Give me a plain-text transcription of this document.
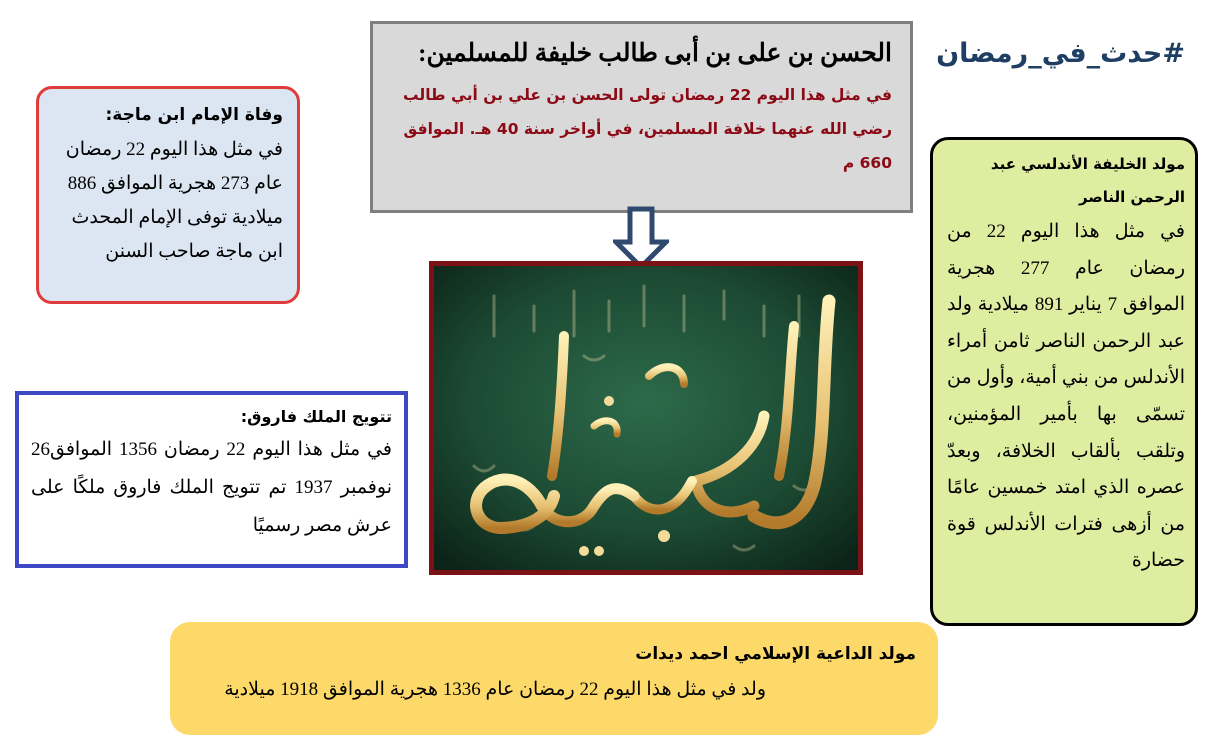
#حدث_في_رمضان
الحسن بن على بن أبى طالب خليفة للمسلمين:
في مثل هذا اليوم 22 رمضان تولى الحسن بن علي بن أبي طالب رضي الله عنهما خلافة المسلمين، في أواخر سنة 40 هـ. الموافق 660 م
وفاة الإمام ابن ماجة:
في مثل هذا اليوم 22 رمضان عام 273 هجرية الموافق 886 ميلادية توفى الإمام المحدث ابن ماجة صاحب السنن
تتويج الملك فاروق:
في مثل هذا اليوم 22 رمضان 1356 الموافق26 نوفمبر 1937 تم تتويج الملك فاروق ملكًا على عرش مصر رسميًا
مولد الخليفة الأندلسي عبد الرحمن الناصر
في مثل هذا اليوم 22 من رمضان عام 277 هجرية الموافق 7 يناير 891 ميلادية ولد عبد الرحمن الناصر ثامن أمراء الأندلس من بني أمية، وأول من تسمّى بها بأمير المؤمنين، وتلقب بألقاب الخلافة، وبعدّ عصره الذي امتد خمسين عامًا من أزهى فترات الأندلس قوة حضارة
مولد الداعية الإسلامي احمد ديدات
ولد في مثل هذا اليوم 22 رمضان عام 1336 هجرية الموافق 1918 ميلادية
